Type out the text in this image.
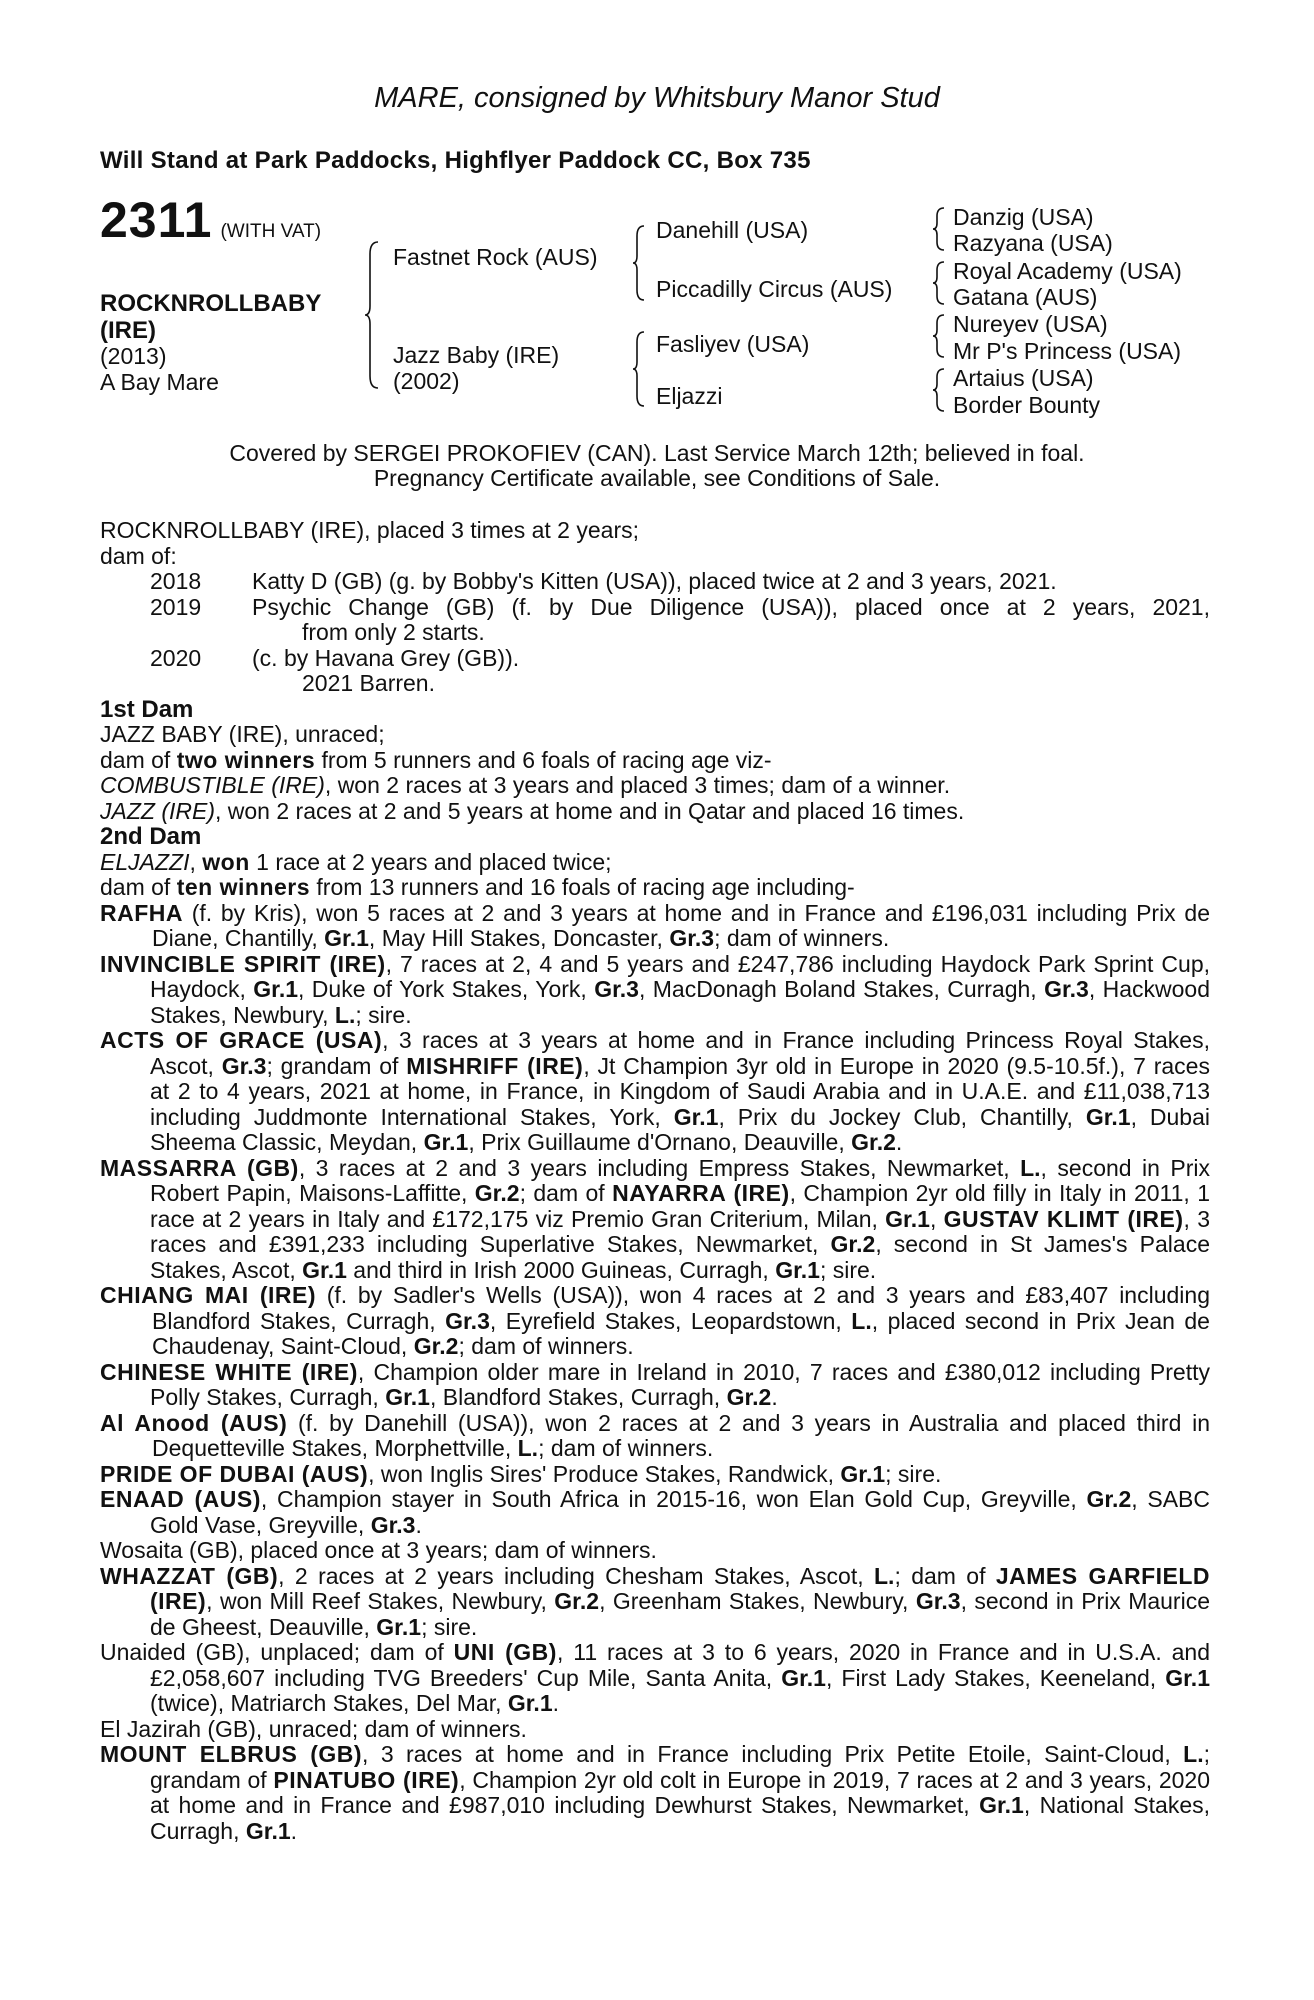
MARE, consigned by Whitsbury Manor Stud
Will Stand at Park Paddocks, Highflyer Paddock CC, Box 735
2311 (WITH VAT)
ROCKNROLLBABY
(IRE)
(2013)
A Bay Mare
Fastnet Rock (AUS)
Jazz Baby (IRE)
(2002)
Danehill (USA)
Piccadilly Circus (AUS)
Fasliyev (USA)
Eljazzi
Danzig (USA)
Razyana (USA)
Royal Academy (USA)
Gatana (AUS)
Nureyev (USA)
Mr P's Princess (USA)
Artaius (USA)
Border Bounty
Covered by SERGEI PROKOFIEV (CAN). Last Service March 12th; believed in foal.
Pregnancy Certificate available, see Conditions of Sale.

ROCKNROLLBABY (IRE), placed 3 times at 2 years;

dam of:

2018 Katty D (GB) (g. by Bobby's Kitten (USA)), placed twice at 2 and 3 years, 2021.

2019 Psychic Change (GB) (f. by Due Diligence (USA)), placed once at 2 years, 2021,

from only 2 starts.

2020 (c. by Havana Grey (GB)).

2021 Barren.

1st Dam

JAZZ BABY (IRE), unraced;

dam of two winners from 5 runners and 6 foals of racing age viz-

COMBUSTIBLE (IRE), won 2 races at 3 years and placed 3 times; dam of a winner.

JAZZ (IRE), won 2 races at 2 and 5 years at home and in Qatar and placed 16 times.

2nd Dam

ELJAZZI, won 1 race at 2 years and placed twice;

dam of ten winners from 13 runners and 16 foals of racing age including-

RAFHA (f. by Kris), won 5 races at 2 and 3 years at home and in France and £196,031 including Prix de Diane, Chantilly, Gr.1, May Hill Stakes, Doncaster, Gr.3; dam of winners.

INVINCIBLE SPIRIT (IRE), 7 races at 2, 4 and 5 years and £247,786 including Haydock Park Sprint Cup, Haydock, Gr.1, Duke of York Stakes, York, Gr.3, MacDonagh Boland Stakes, Curragh, Gr.3, Hackwood Stakes, Newbury, L.; sire.

ACTS OF GRACE (USA), 3 races at 3 years at home and in France including Princess Royal Stakes, Ascot, Gr.3; grandam of MISHRIFF (IRE), Jt Champion 3yr old in Europe in 2020 (9.5-10.5f.), 7 races at 2 to 4 years, 2021 at home, in France, in Kingdom of Saudi Arabia and in U.A.E. and £11,038,713 including Juddmonte International Stakes, York, Gr.1, Prix du Jockey Club, Chantilly, Gr.1, Dubai Sheema Classic, Meydan, Gr.1, Prix Guillaume d'Ornano, Deauville, Gr.2.

MASSARRA (GB), 3 races at 2 and 3 years including Empress Stakes, Newmarket, L., second in Prix Robert Papin, Maisons-Laffitte, Gr.2; dam of NAYARRA (IRE), Champion 2yr old filly in Italy in 2011, 1 race at 2 years in Italy and £172,175 viz Premio Gran Criterium, Milan, Gr.1, GUSTAV KLIMT (IRE), 3 races and £391,233 including Superlative Stakes, Newmarket, Gr.2, second in St James's Palace Stakes, Ascot, Gr.1 and third in Irish 2000 Guineas, Curragh, Gr.1; sire.

CHIANG MAI (IRE) (f. by Sadler's Wells (USA)), won 4 races at 2 and 3 years and £83,407 including Blandford Stakes, Curragh, Gr.3, Eyrefield Stakes, Leopardstown, L., placed second in Prix Jean de Chaudenay, Saint-Cloud, Gr.2; dam of winners.

CHINESE WHITE (IRE), Champion older mare in Ireland in 2010, 7 races and £380,012 including Pretty Polly Stakes, Curragh, Gr.1, Blandford Stakes, Curragh, Gr.2.

Al Anood (AUS) (f. by Danehill (USA)), won 2 races at 2 and 3 years in Australia and placed third in Dequetteville Stakes, Morphettville, L.; dam of winners.

PRIDE OF DUBAI (AUS), won Inglis Sires' Produce Stakes, Randwick, Gr.1; sire.

ENAAD (AUS), Champion stayer in South Africa in 2015-16, won Elan Gold Cup, Greyville, Gr.2, SABC Gold Vase, Greyville, Gr.3.

Wosaita (GB), placed once at 3 years; dam of winners.

WHAZZAT (GB), 2 races at 2 years including Chesham Stakes, Ascot, L.; dam of JAMES GARFIELD (IRE), won Mill Reef Stakes, Newbury, Gr.2, Greenham Stakes, Newbury, Gr.3, second in Prix Maurice de Gheest, Deauville, Gr.1; sire.

Unaided (GB), unplaced; dam of UNI (GB), 11 races at 3 to 6 years, 2020 in France and in U.S.A. and £2,058,607 including TVG Breeders' Cup Mile, Santa Anita, Gr.1, First Lady Stakes, Keeneland, Gr.1 (twice), Matriarch Stakes, Del Mar, Gr.1.

El Jazirah (GB), unraced; dam of winners.

MOUNT ELBRUS (GB), 3 races at home and in France including Prix Petite Etoile, Saint-Cloud, L.; grandam of PINATUBO (IRE), Champion 2yr old colt in Europe in 2019, 7 races at 2 and 3 years, 2020 at home and in France and £987,010 including Dewhurst Stakes, Newmarket, Gr.1, National Stakes, Curragh, Gr.1.
